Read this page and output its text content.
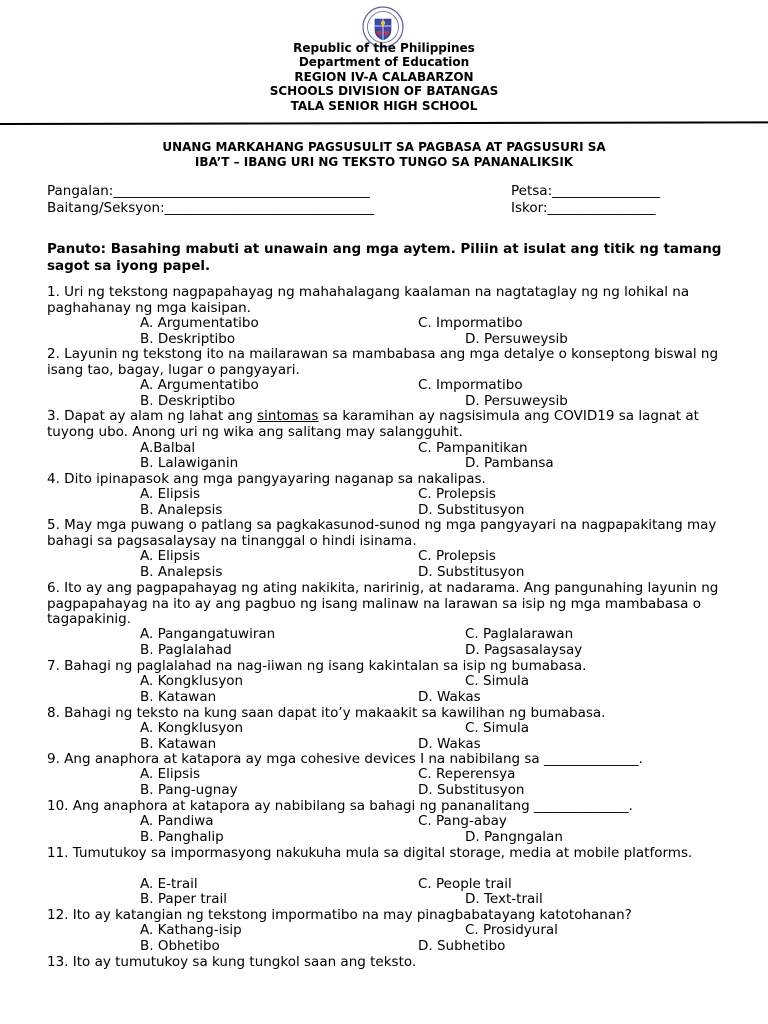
Republic of the Philippines
Department of Education
REGION IV-A CALABARZON
SCHOOLS DIVISION OF BATANGAS
TALA SENIOR HIGH SCHOOL
UNANG MARKAHANG PAGSUSULIT SA PAGBASA AT PAGSUSURI SA
IBA’T – IBANG URI NG TEKSTO TUNGO SA PANANALIKSIK
Pangalan:______________________________________	Petsa:________________
Baitang/Seksyon:_______________________________	Iskor:________________
Panuto: Basahing mabuti at unawain ang mga aytem. Piliin at isulat ang titik ng tamang sagot sa iyong papel.
1. Uri ng tekstong nagpapahayag ng mahahalagang kaalaman na nagtataglay ng ng lohikal na paghahanay ng mga kaisipan.
A. Argumentatibo	C. Impormatibo
B. Deskriptibo	D. Persuweysib
2. Layunin ng tekstong ito na mailarawan sa mambabasa ang mga detalye o konseptong biswal ng isang tao, bagay, lugar o pangyayari.
A. Argumentatibo	C. Impormatibo
B. Deskriptibo	D. Persuweysib
3. Dapat ay alam ng lahat ang sintomas sa karamihan ay nagsisimula ang COVID19 sa lagnat at tuyong ubo. Anong uri ng wika ang salitang may salangguhit.
A.Balbal	C. Pampanitikan
B. Lalawiganin	D. Pambansa
4. Dito ipinapasok ang mga pangyayaring naganap sa nakalipas.
A. Elipsis	C. Prolepsis
B. Analepsis	D. Substitusyon
5. May mga puwang o patlang sa pagkakasunod-sunod ng mga pangyayari na nagpapakitang may bahagi sa pagsasalaysay na tinanggal o hindi isinama.
A. Elipsis	C. Prolepsis
B. Analepsis	D. Substitusyon
6. Ito ay ang pagpapahayag ng ating nakikita, naririnig, at nadarama. Ang pangunahing layunin ng pagpapahayag na ito ay ang pagbuo ng isang malinaw na larawan sa isip ng mga mambabasa o tagapakinig.
A. Pangangatuwiran	C. Paglalarawan
B. Paglalahad	D. Pagsasalaysay
7. Bahagi ng paglalahad na nag-iiwan ng isang kakintalan sa isip ng bumabasa.
A. Kongklusyon	C. Simula
B. Katawan	D. Wakas
8. Bahagi ng teksto na kung saan dapat ito’y makaakit sa kawilihan ng bumabasa.
A. Kongklusyon	C. Simula
B. Katawan	D. Wakas
9. Ang anaphora at katapora ay mga cohesive devices I na nabibilang sa ______________.
A. Elipsis	C. Reperensya
B. Pang-ugnay	D. Substitusyon
10. Ang anaphora at katapora ay nabibilang sa bahagi ng pananalitang ______________.
A. Pandiwa	C. Pang-abay
B. Panghalip	D. Pangngalan
11. Tumutukoy sa impormasyong nakukuha mula sa digital storage, media at mobile platforms.
A. E-trail	C. People trail
B. Paper trail	D. Text-trail
12. Ito ay katangian ng tekstong impormatibo na may pinagbabatayang katotohanan?
A. Kathang-isip	C. Prosidyural
B. Obhetibo	D. Subhetibo
13. Ito ay tumutukoy sa kung tungkol saan ang teksto.
